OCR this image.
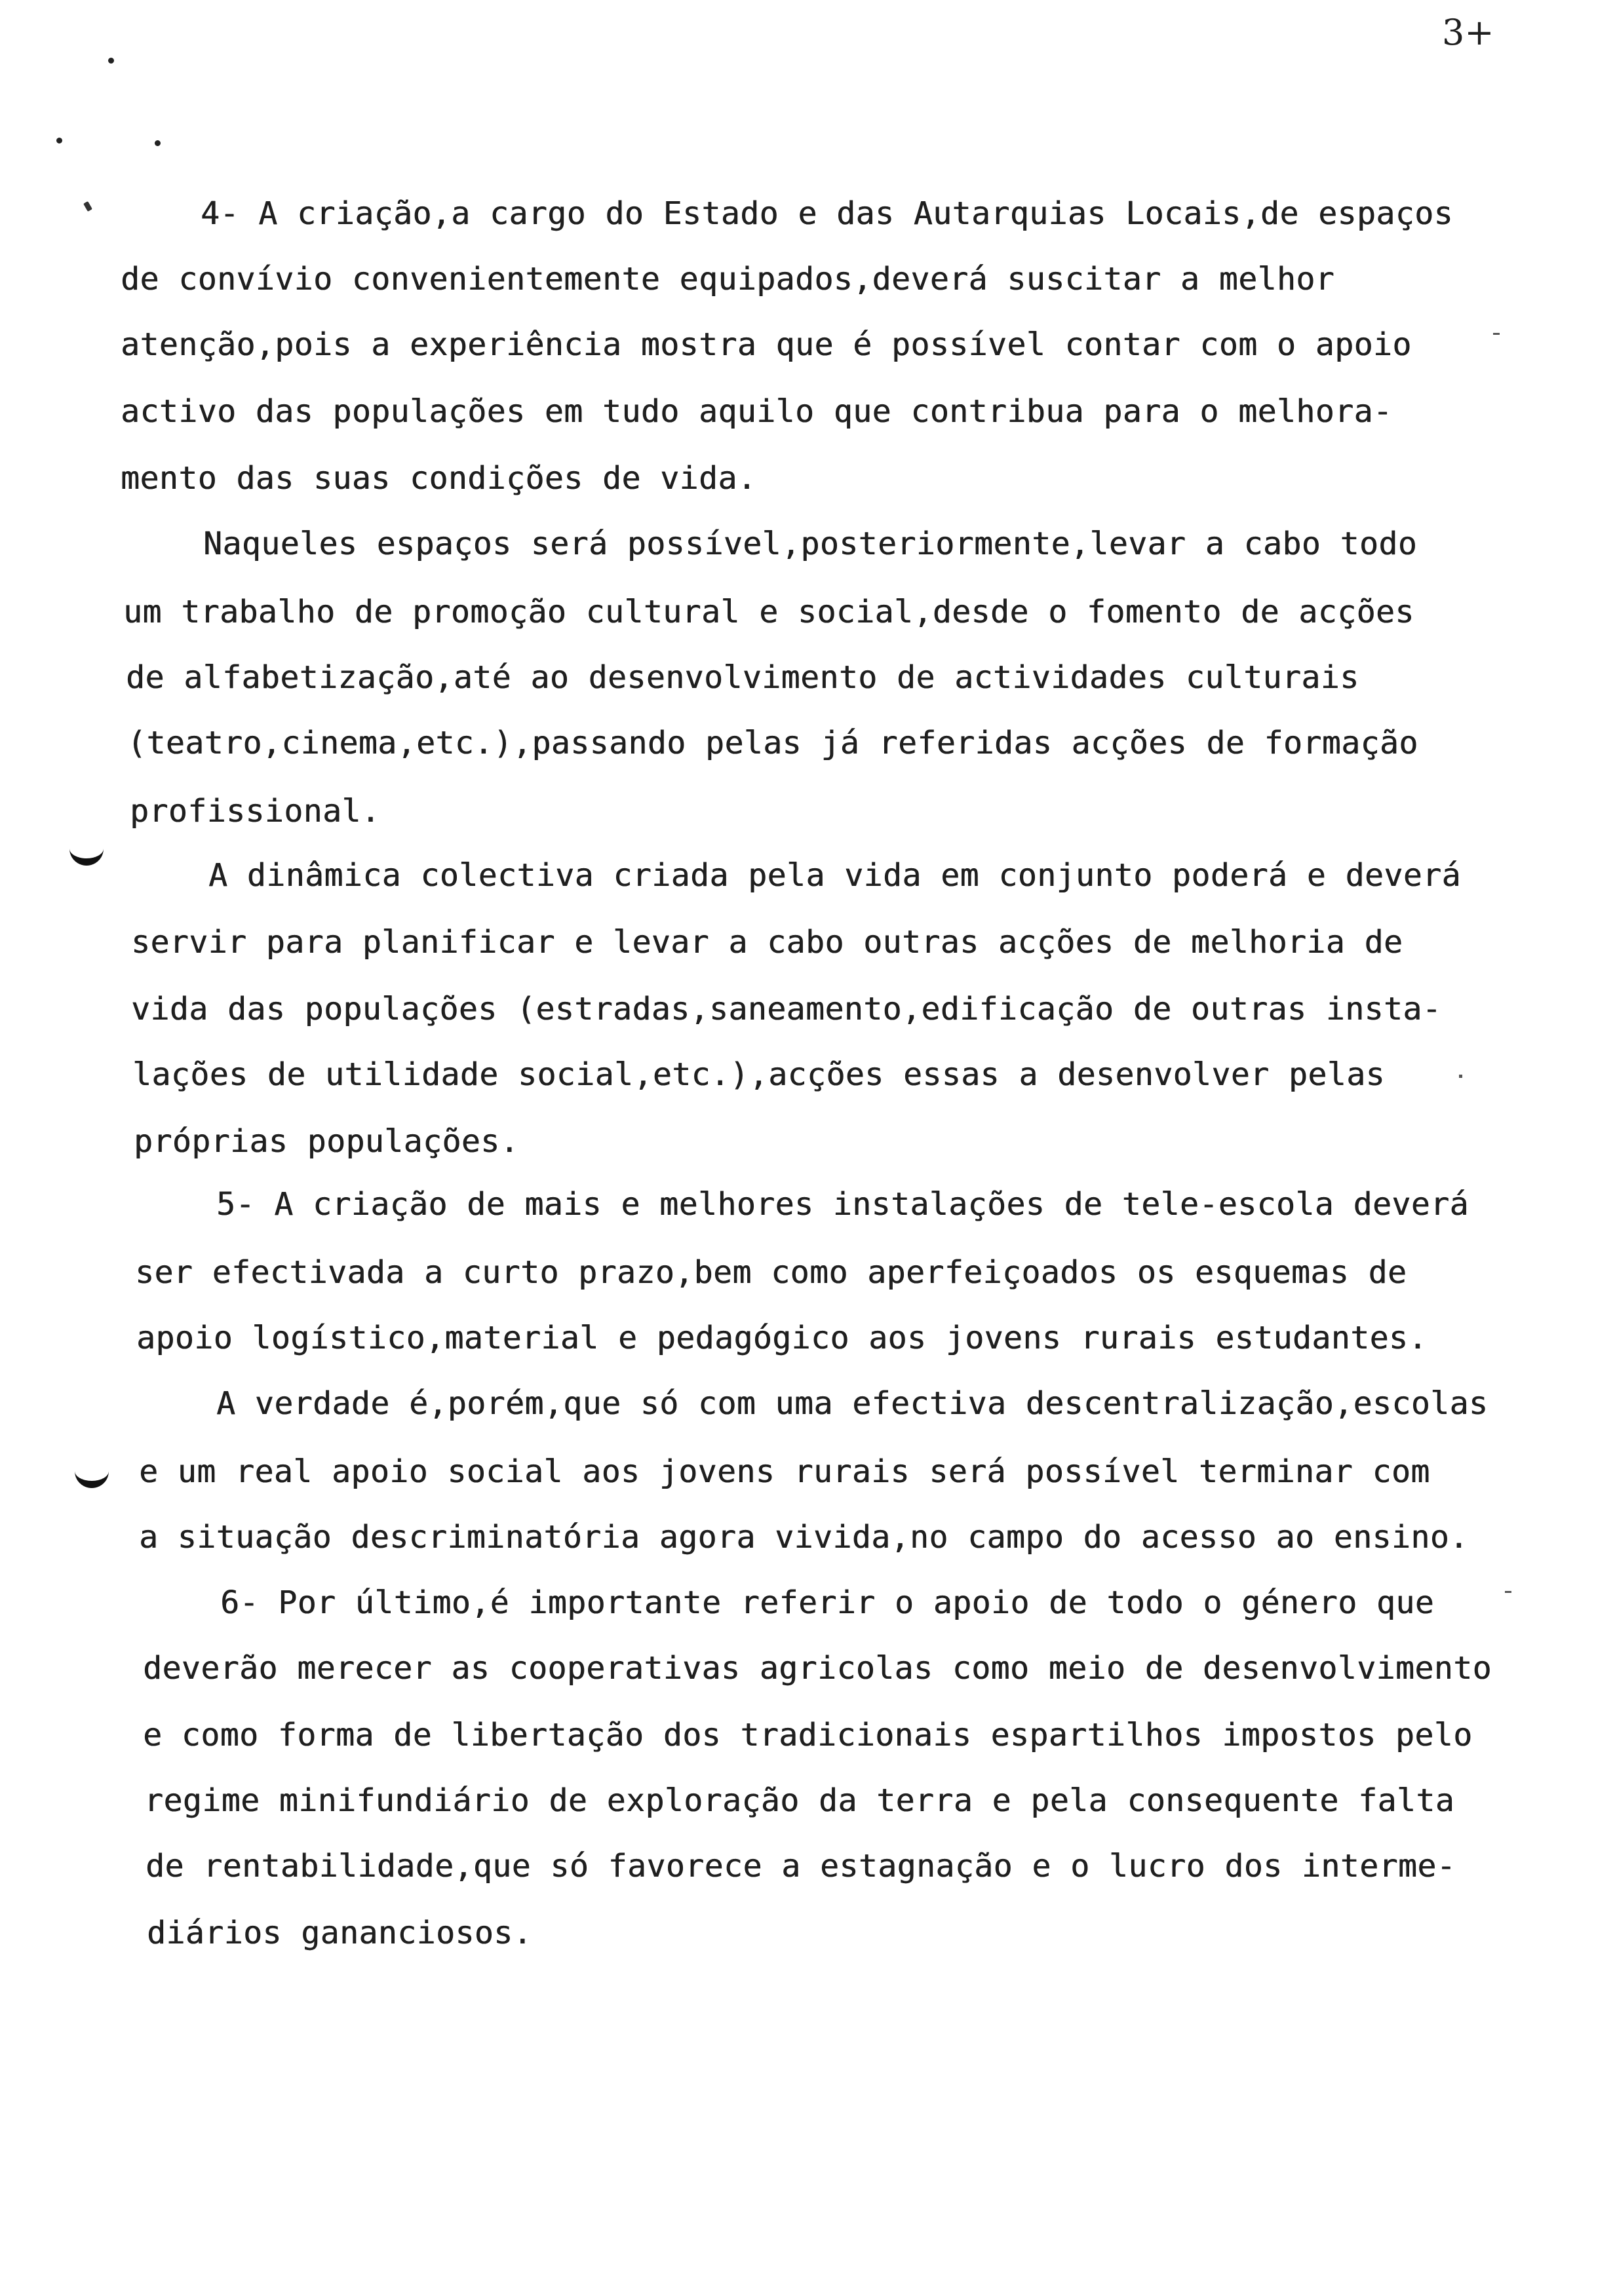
3+
4- A criação,a cargo do Estado e das Autarquias Locais,de espaços
de convívio convenientemente equipados,deverá suscitar a melhor
atenção,pois a experiência mostra que é possível contar com o apoio
activo das populações em tudo aquilo que contribua para o melhora-
mento das suas condições de vida.
Naqueles espaços será possível,posteriormente,levar a cabo todo
um trabalho de promoção cultural e social,desde o fomento de acções
de alfabetização,até ao desenvolvimento de actividades culturais
(teatro,cinema,etc.),passando pelas já referidas acções de formação
profissional.
A dinâmica colectiva criada pela vida em conjunto poderá e deverá
servir para planificar e levar a cabo outras acções de melhoria de
vida das populações (estradas,saneamento,edificação de outras insta-
lações de utilidade social,etc.),acções essas a desenvolver pelas
próprias populações.
5- A criação de mais e melhores instalações de tele-escola deverá
ser efectivada a curto prazo,bem como aperfeiçoados os esquemas de
apoio logístico,material e pedagógico aos jovens rurais estudantes.
A verdade é,porém,que só com uma efectiva descentralização,escolas
e um real apoio social aos jovens rurais será possível terminar com
a situação descriminatória agora vivida,no campo do acesso ao ensino.
6- Por último,é importante referir o apoio de todo o género que
deverão merecer as cooperativas agricolas como meio de desenvolvimento
e como forma de libertação dos tradicionais espartilhos impostos pelo
regime minifundiário de exploração da terra e pela consequente falta
de rentabilidade,que só favorece a estagnação e o lucro dos interme-
diários gananciosos.
